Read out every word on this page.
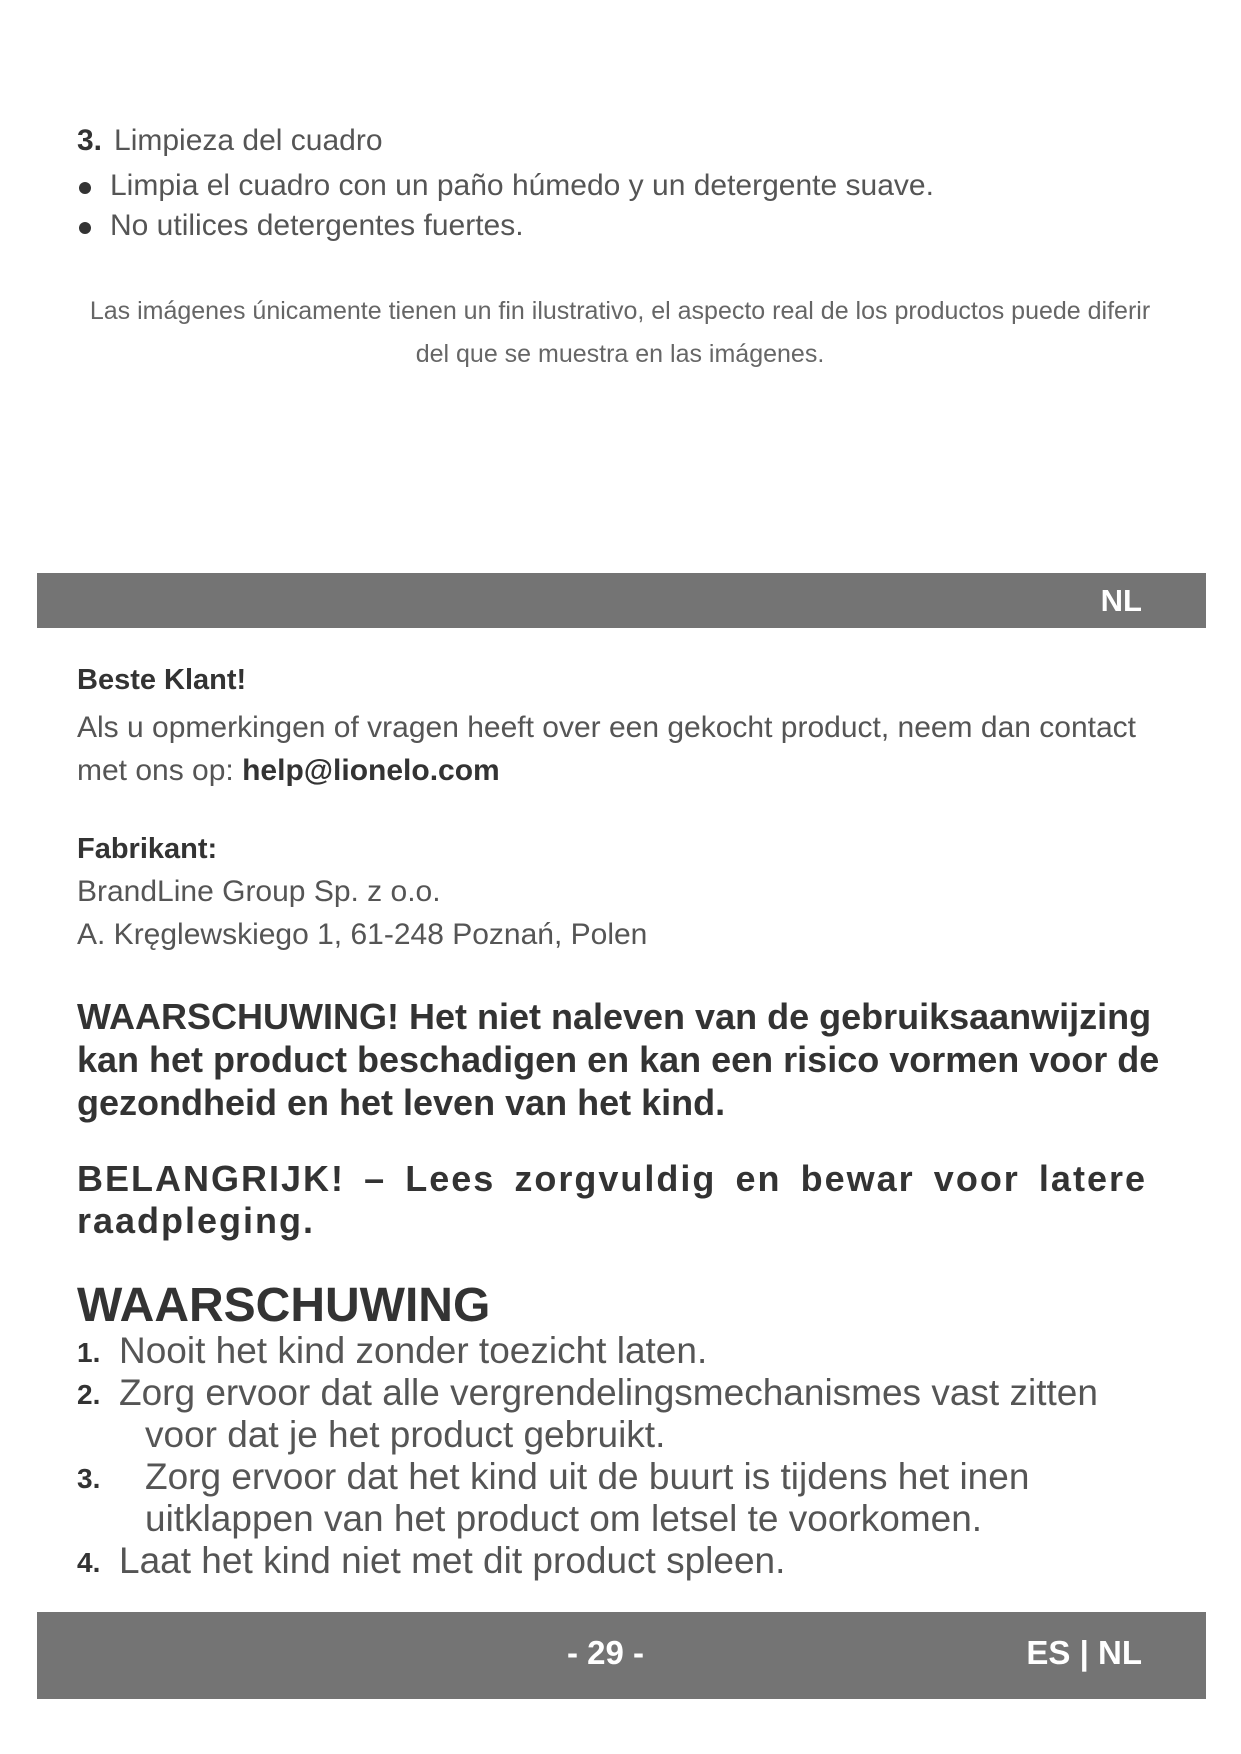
3. Limpieza del cuadro
Limpia el cuadro con un paño húmedo y un detergente suave.
No utilices detergentes fuertes.
Las imágenes únicamente tienen un fin ilustrativo, el aspecto real de los productos puede diferir del que se muestra en las imágenes.
NL
Beste Klant!
Als u opmerkingen of vragen heeft over een gekocht product, neem dan contact met ons op: help@lionelo.com
Fabrikant:
BrandLine Group Sp. z o.o.
A. Kręglewskiego 1, 61-248 Poznań, Polen
WAARSCHUWING! Het niet naleven van de gebruiksaanwijzing kan het product beschadigen en kan een risico vormen voor de gezondheid en het leven van het kind.
BELANGRIJK! – Lees zorgvuldig en bewar voor latere raadpleging.
WAARSCHUWING
1. Nooit het kind zonder toezicht laten.
2. Zorg ervoor dat alle vergrendelingsmechanismes vast zitten
voor dat je het product gebruikt.
3. Zorg ervoor dat het kind uit de buurt is tijdens het inen
uitklappen van het product om letsel te voorkomen.
4. Laat het kind niet met dit product spleen.
- 29 -	ES | NL
